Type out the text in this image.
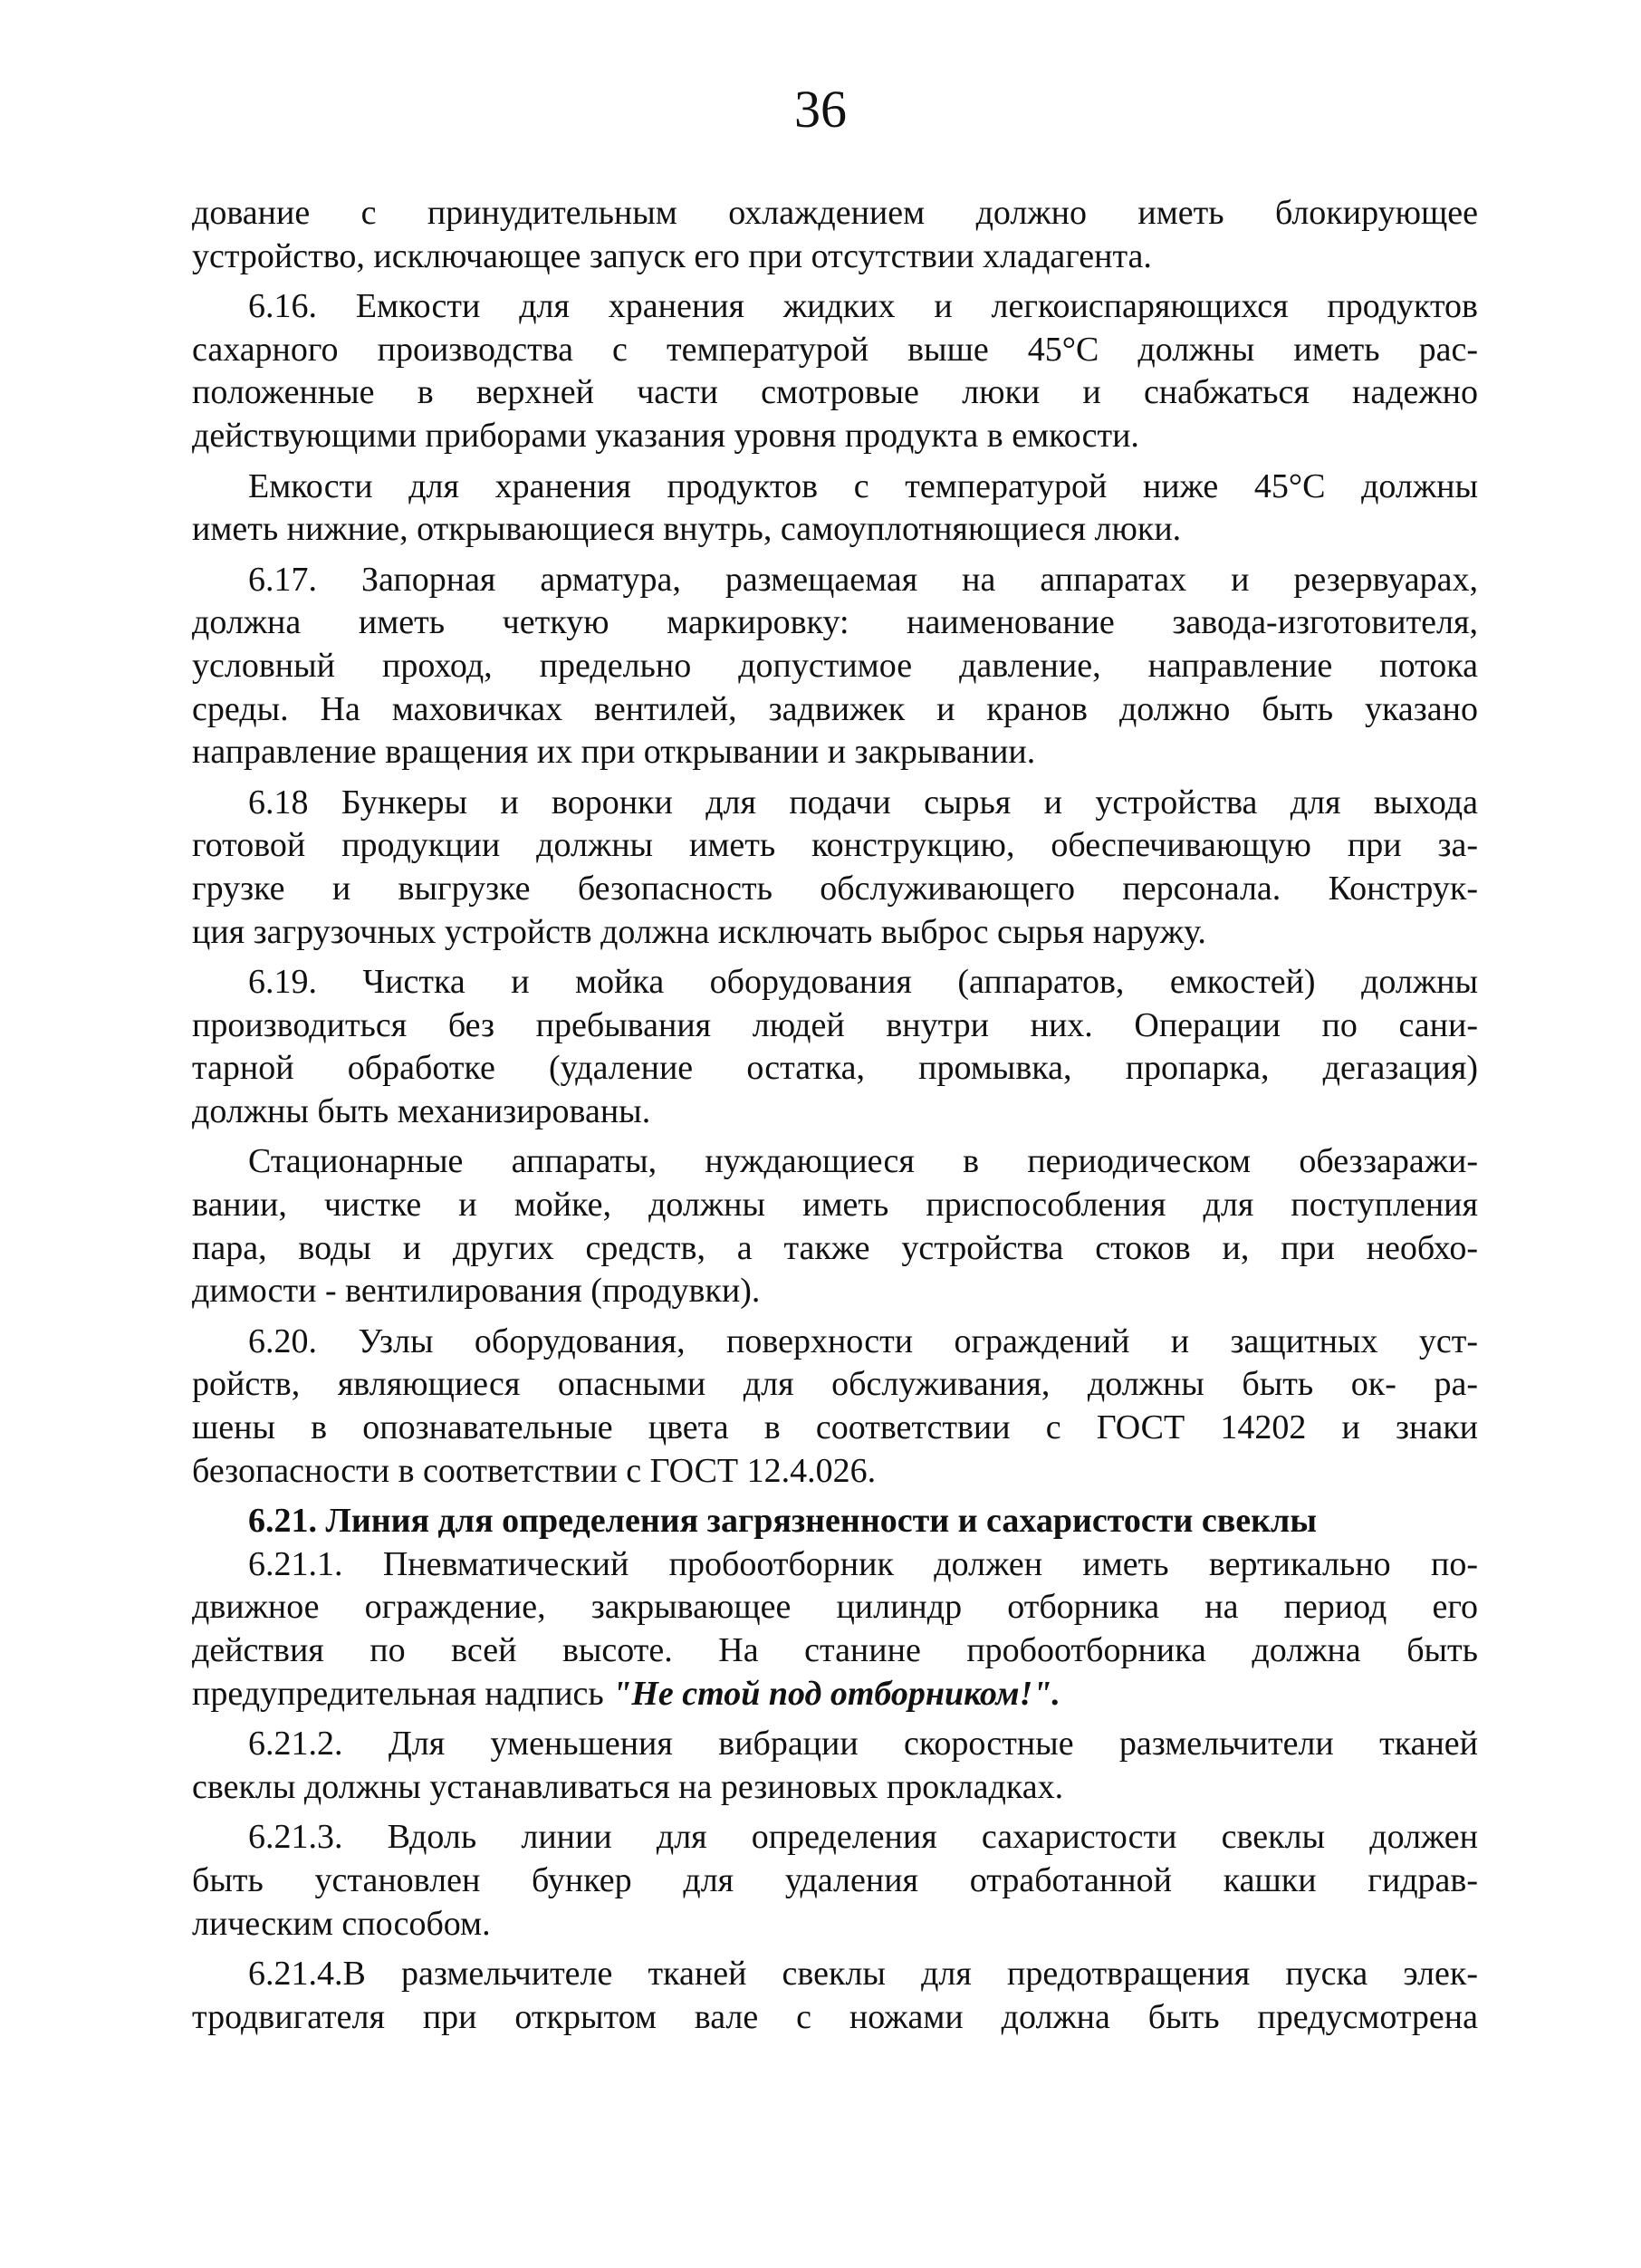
36
дование с принудительным охлаждением должно иметь блокирующее
устройство, исключающее запуск его при отсутствии хладагента.
6.16. Емкости для хранения жидких и легкоиспаряющихся продуктов
сахарного производства с температурой выше 45°С должны иметь рас-
положенные в верхней части смотровые люки и снабжаться надежно
действующими приборами указания уровня продукта в емкости.
Емкости для хранения продуктов с температурой ниже 45°С должны
иметь нижние, открывающиеся внутрь, самоуплотняющиеся люки.
6.17. Запорная арматура, размещаемая на аппаратах и резервуарах,
должна иметь четкую маркировку: наименование завода-изготовителя,
условный проход, предельно допустимое давление, направление потока
среды. На маховичках вентилей, задвижек и кранов должно быть указано
направление вращения их при открывании и закрывании.
6.18 Бункеры и воронки для подачи сырья и устройства для выхода
готовой продукции должны иметь конструкцию, обеспечивающую при за-
грузке и выгрузке безопасность обслуживающего персонала. Конструк-
ция загрузочных устройств должна исключать выброс сырья наружу.
6.19. Чистка и мойка оборудования (аппаратов, емкостей) должны
производиться без пребывания людей внутри них. Операции по сани-
тарной обработке (удаление остатка, промывка, пропарка, дегазация)
должны быть механизированы.
Стационарные аппараты, нуждающиеся в периодическом обеззаражи-
вании, чистке и мойке, должны иметь приспособления для поступления
пара, воды и других средств, а также устройства стоков и, при необхо-
димости - вентилирования (продувки).
6.20. Узлы оборудования, поверхности ограждений и защитных уст-
ройств, являющиеся опасными для обслуживания, должны быть ок- ра-
шены в опознавательные цвета в соответствии с ГОСТ 14202 и знаки
безопасности в соответствии с ГОСТ 12.4.026.
6.21. Линия для определения загрязненности и сахаристости свеклы
6.21.1. Пневматический пробоотборник должен иметь вертикально по-
движное ограждение, закрывающее цилиндр отборника на период его
действия по всей высоте. На станине пробоотборника должна быть
предупредительная надпись "Не стой под отборником!".
6.21.2. Для уменьшения вибрации скоростные размельчители тканей
свеклы должны устанавливаться на резиновых прокладках.
6.21.3. Вдоль линии для определения сахаристости свеклы должен
быть установлен бункер для удаления отработанной кашки гидрав-
лическим способом.
6.21.4.В размельчителе тканей свеклы для предотвращения пуска элек-
тродвигателя при открытом вале с ножами должна быть предусмотрена
